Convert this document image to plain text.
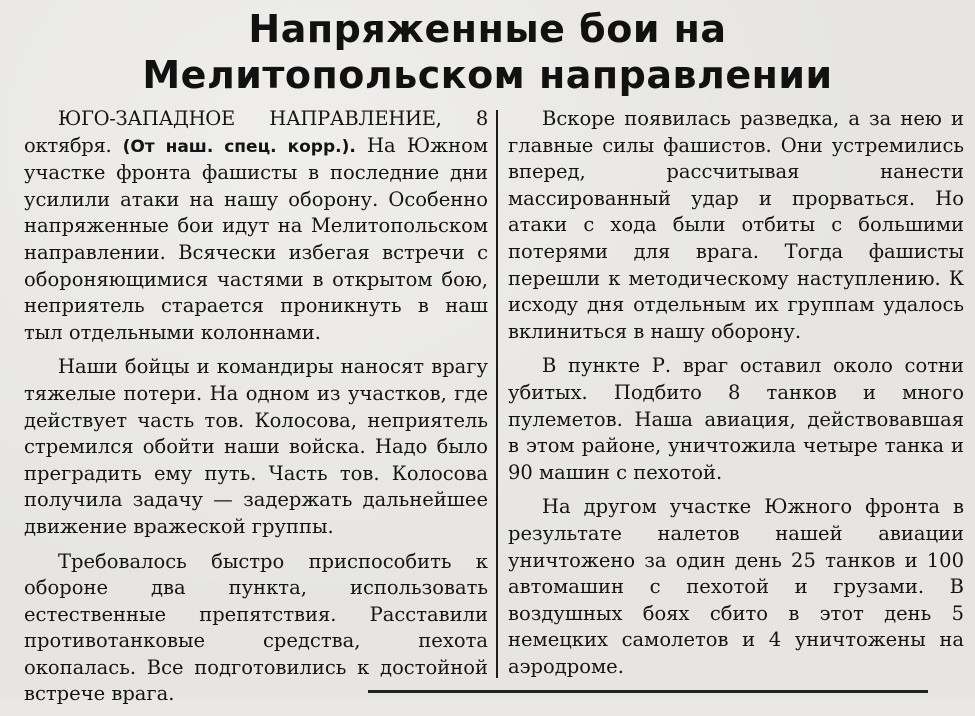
Напряженные бои на
Мелитопольском направлении

ЮГО-ЗАПАДНОЕ НАПРАВЛЕНИЕ, 8 октября. (От наш. спец. корр.). На Южном участке фронта фашисты в последние дни усилили атаки на нашу оборону. Особенно напряженные бои идут на Мелитопольском направлении. Всячески избегая встречи с обороняющимися частями в открытом бою, неприятель старается проникнуть в наш тыл отдельными колоннами.

Наши бойцы и командиры наносят врагу тяжелые потери. На одном из участков, где действует часть тов. Колосова, неприятель стремился обойти наши войска. Надо было преградить ему путь. Часть тов. Колосова получила задачу — задержать дальнейшее движение вражеской группы.

Требовалось быстро приспособить к обороне два пункта, использовать естественные препятствия. Расставили противотанковые средства, пехота окопалась. Все подготовились к достойной встрече врага.

Вскоре появилась разведка, а за нею и главные силы фашистов. Они устремились вперед, рассчитывая нанести массированный удар и прорваться. Но атаки с хода были отбиты с большими потерями для врага. Тогда фашисты перешли к методическому наступлению. К исходу дня отдельным их группам удалось вклиниться в нашу оборону.

В пункте Р. враг оставил около сотни убитых. Подбито 8 танков и много пулеметов. Наша авиация, действовавшая в этом районе, уничтожила четыре танка и 90 машин с пехотой.

На другом участке Южного фронта в результате налетов нашей авиации уничтожено за один день 25 танков и 100 автомашин с пехотой и грузами. В воздушных боях сбито в этот день 5 немецких самолетов и 4 уничтожены на аэродроме.
